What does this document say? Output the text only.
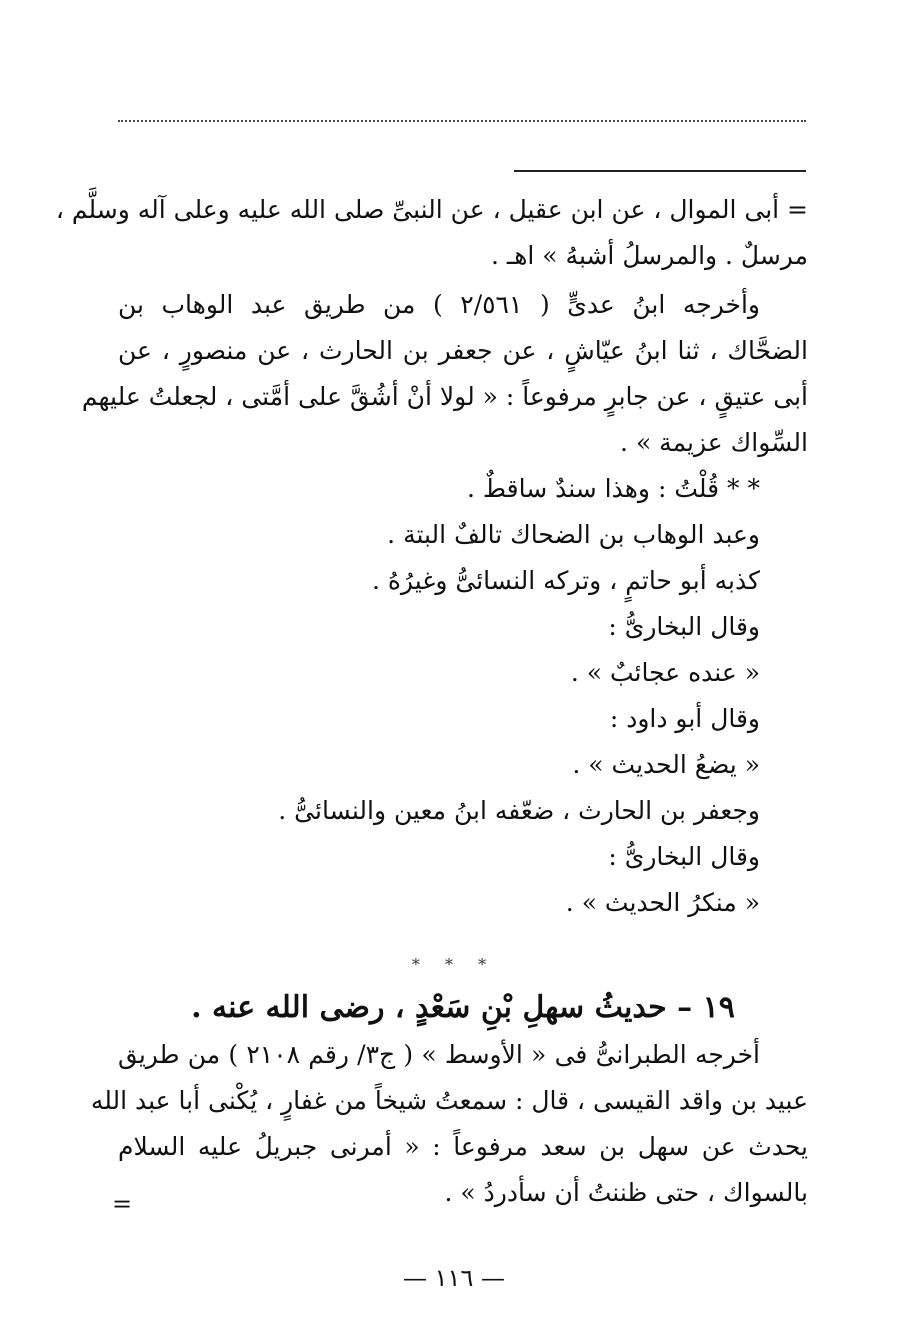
= أبى الموال ، عن ابن عقيل ، عن النبىِّ صلى الله عليه وعلى آله وسلَّم ،
مرسلٌ . والمرسلُ أشبهُ » اهـ .
وأخرجه ابنُ عدىٍّ ( ٢/٥٦١ ) من طريق عبد الوهاب بن
الضحَّاك ، ثنا ابنُ عيّاشٍ ، عن جعفر بن الحارث ، عن منصورٍ ، عن
أبى عتيقٍ ، عن جابرٍ مرفوعاً : « لولا أنْ أشُقَّ على أمَّتى ، لجعلتُ عليهم
السِّواك عزيمة » .
* * قُلْتُ : وهذا سندٌ ساقطٌ .
وعبد الوهاب بن الضحاك تالفٌ البتة .
كذبه أبو حاتمٍ ، وتركه النسائىُّ وغيرُهُ .
وقال البخارىُّ :
« عنده عجائبٌ » .
وقال أبو داود :
« يضعُ الحديث » .
وجعفر بن الحارث ، ضعّفه ابنُ معين والنسائىُّ .
وقال البخارىُّ :
« منكرُ الحديث » .
* * *
١٩ – حديثُ سهلِ بْنِ سَعْدٍ ، رضى الله عنه .
أخرجه الطبرانىُّ فى « الأوسط » ( ج٣/ رقم ٢١٠٨ ) من طريق
عبيد بن واقد القيسى ، قال : سمعتُ شيخاً من غفارٍ ، يُكْنى أبا عبد الله
يحدث عن سهل بن سعد مرفوعاً : « أمرنى جبريلُ عليه السلام
بالسواك ، حتى ظننتُ أن سأدردُ » .
=
— ١١٦ —
